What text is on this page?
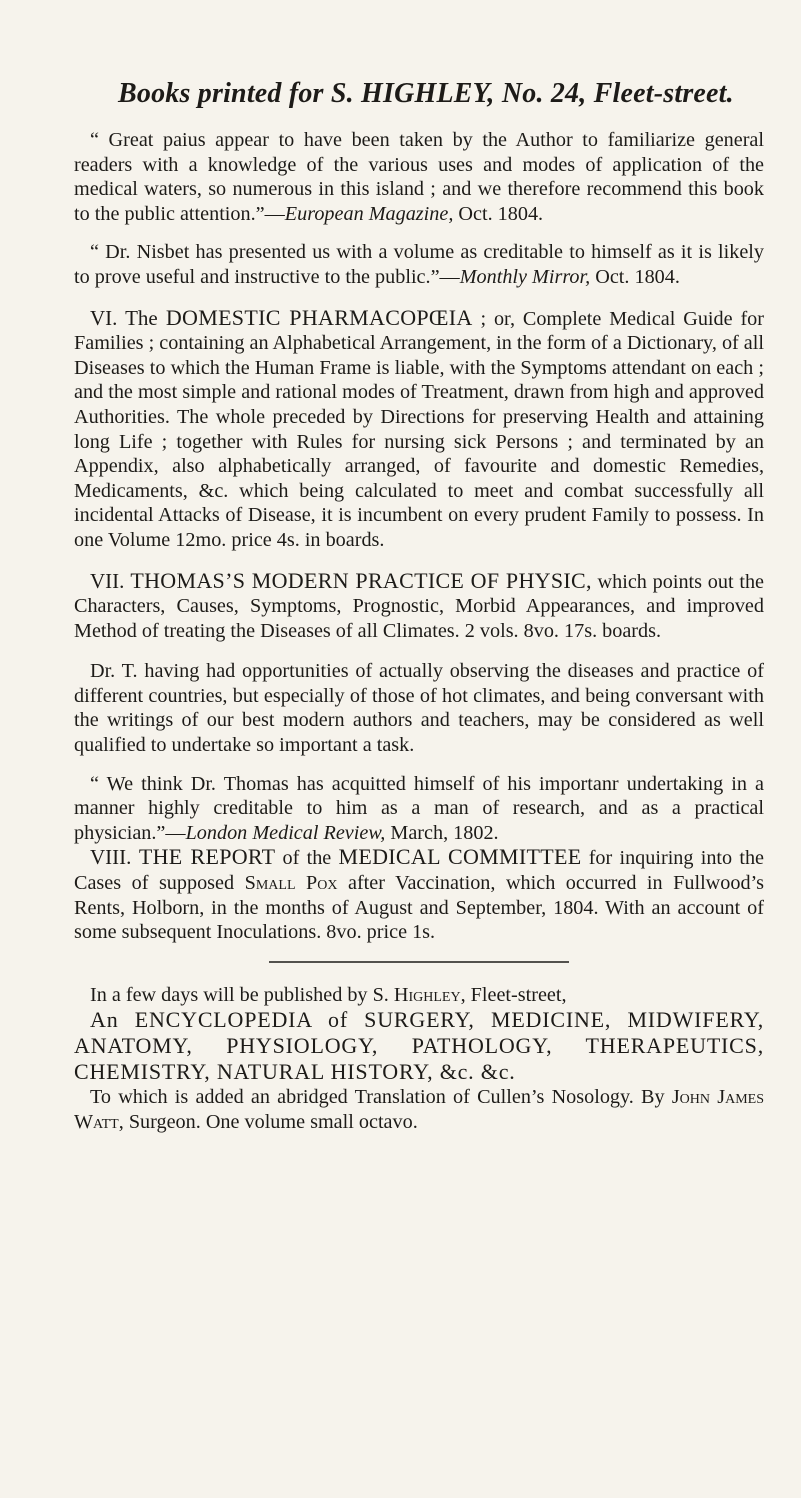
Books printed for S. HIGHLEY, No. 24, Fleet-street.

“ Great paius appear to have been taken by the Author to familiarize general readers with a knowledge of the various uses and modes of application of the medical waters, so numerous in this island ; and we therefore recommend this book to the public attention.”—European Magazine, Oct. 1804.

“ Dr. Nisbet has presented us with a volume as creditable to himself as it is likely to prove useful and instructive to the public.”—Monthly Mirror, Oct. 1804.

VI. The DOMESTIC PHARMACOPŒIA ; or, Complete Medical Guide for Families ; containing an Alphabetical Arrangement, in the form of a Dictionary, of all Diseases to which the Human Frame is liable, with the Symptoms attendant on each ; and the most simple and rational modes of Treatment, drawn from high and approved Authorities. The whole preceded by Directions for preserving Health and attaining long Life ; together with Rules for nursing sick Persons ; and terminated by an Appendix, also alphabetically arranged, of favourite and domestic Remedies, Medicaments, &c. which being calculated to meet and combat successfully all incidental Attacks of Disease, it is incumbent on every prudent Family to possess. In one Volume 12mo. price 4s. in boards.

VII. THOMAS’S MODERN PRACTICE OF PHYSIC, which points out the Characters, Causes, Symptoms, Prognostic, Morbid Appearances, and improved Method of treating the Diseases of all Climates. 2 vols. 8vo. 17s. boards.

Dr. T. having had opportunities of actually observing the diseases and practice of different countries, but especially of those of hot climates, and being conversant with the writings of our best modern authors and teachers, may be considered as well qualified to undertake so important a task.

“ We think Dr. Thomas has acquitted himself of his importanr undertaking in a manner highly creditable to him as a man of research, and as a practical physician.”—London Medical Review, March, 1802.

VIII. THE REPORT of the MEDICAL COMMITTEE for inquiring into the Cases of supposed Small Pox after Vaccination, which occurred in Fullwood’s Rents, Holborn, in the months of August and September, 1804. With an account of some subsequent Inoculations. 8vo. price 1s.

In a few days will be published by S. Highley, Fleet-street,

An ENCYCLOPEDIA of SURGERY, MEDICINE, MIDWIFERY, ANATOMY, PHYSIOLOGY, PATHOLOGY, THERAPEUTICS, CHEMISTRY, NATURAL HISTORY, &c. &c.

To which is added an abridged Translation of Cullen’s Nosology. By John James Watt, Surgeon. One volume small octavo.
